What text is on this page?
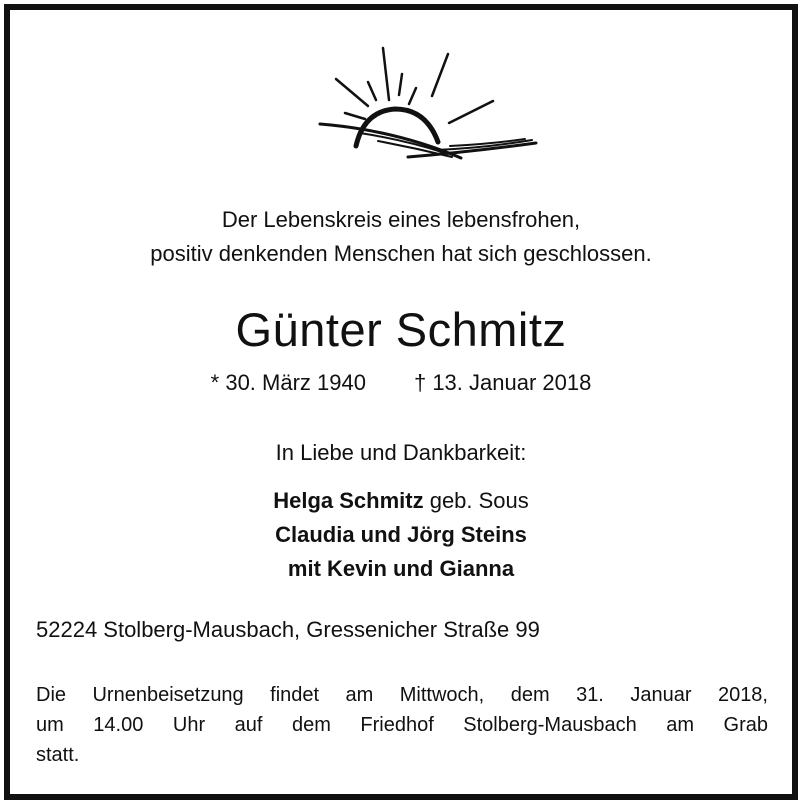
Der Lebenskreis eines lebensfrohen,
positiv denkenden Menschen hat sich geschlossen.
Günter Schmitz
* 30. März 1940 † 13. Januar 2018
In Liebe und Dankbarkeit:
Helga Schmitz geb. Sous
Claudia und Jörg Steins
mit Kevin und Gianna
52224 Stolberg-Mausbach, Gressenicher Straße 99
Die Urnenbeisetzung findet am Mittwoch, dem 31. Januar 2018,
um 14.00 Uhr auf dem Friedhof Stolberg-Mausbach am Grab
statt.
